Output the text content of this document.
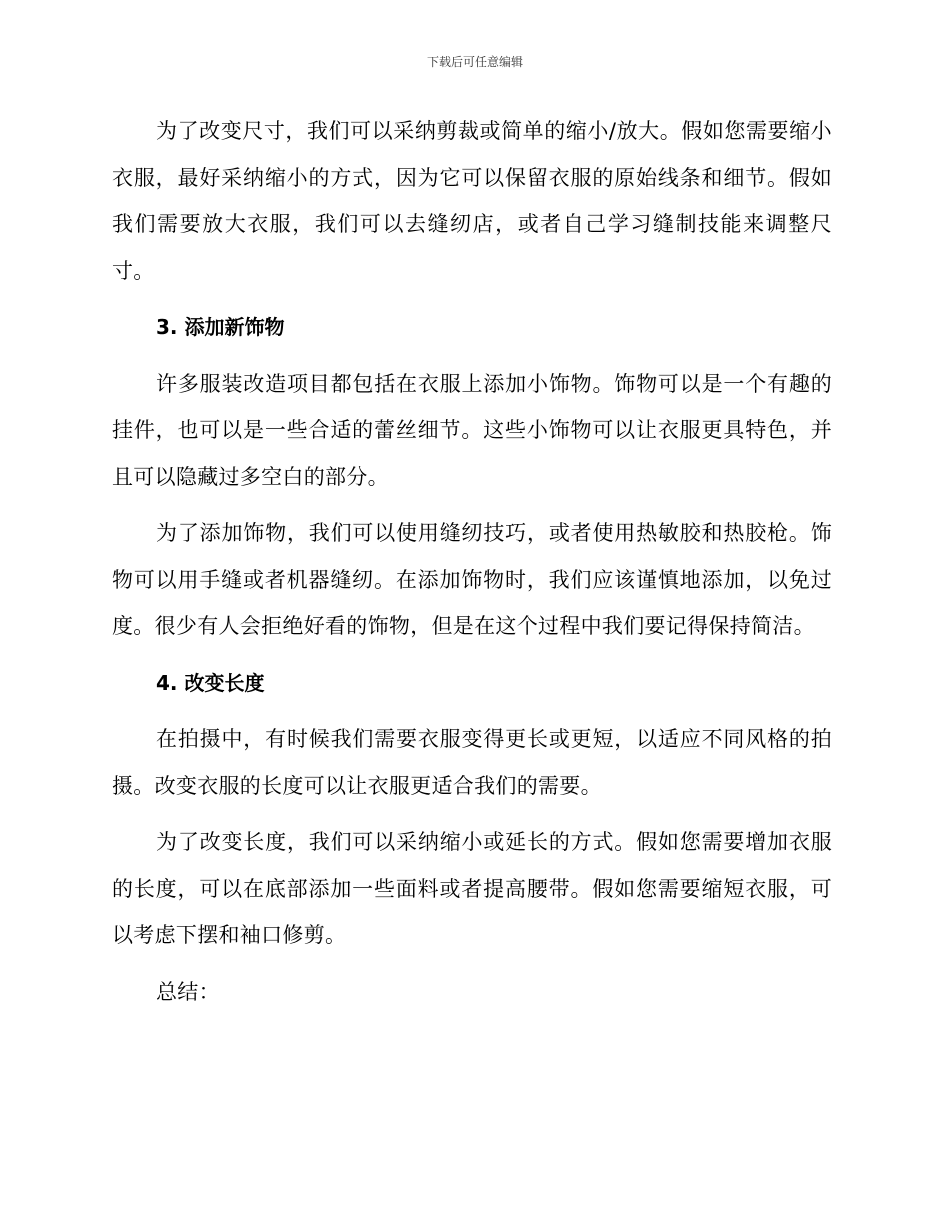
下载后可任意编辑

为了改变尺寸，我们可以采纳剪裁或简单的缩小/放大。假如您需要缩小衣服，最好采纳缩小的方式，因为它可以保留衣服的原始线条和细节。假如我们需要放大衣服，我们可以去缝纫店，或者自己学习缝制技能来调整尺寸。

3. 添加新饰物

许多服装改造项目都包括在衣服上添加小饰物。饰物可以是一个有趣的挂件，也可以是一些合适的蕾丝细节。这些小饰物可以让衣服更具特色，并且可以隐藏过多空白的部分。

为了添加饰物，我们可以使用缝纫技巧，或者使用热敏胶和热胶枪。饰物可以用手缝或者机器缝纫。在添加饰物时，我们应该谨慎地添加，以免过度。很少有人会拒绝好看的饰物，但是在这个过程中我们要记得保持简洁。

4. 改变长度

在拍摄中，有时候我们需要衣服变得更长或更短，以适应不同风格的拍摄。改变衣服的长度可以让衣服更适合我们的需要。

为了改变长度，我们可以采纳缩小或延长的方式。假如您需要增加衣服的长度，可以在底部添加一些面料或者提高腰带。假如您需要缩短衣服，可以考虑下摆和袖口修剪。

总结：
